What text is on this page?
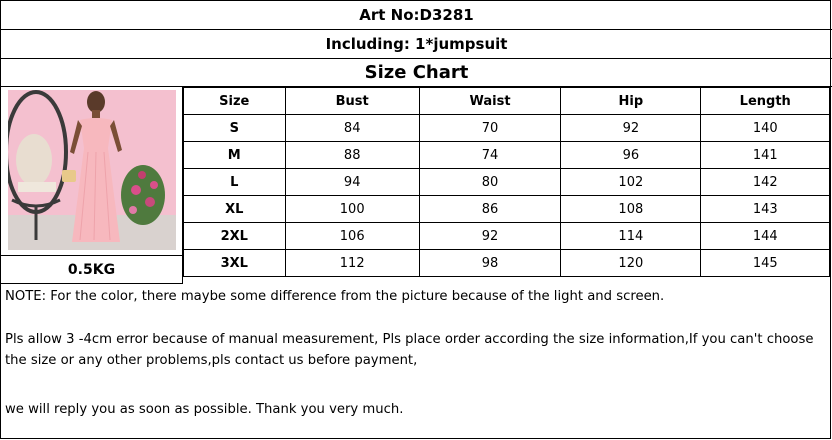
Art No:D3281
Including: 1*jumpsuit
Size Chart
0.5KG
Size	Bust	Waist	Hip	Length
S	84	70	92	140
M	88	74	96	141
L	94	80	102	142
XL	100	86	108	143
2XL	106	92	114	144
3XL	112	98	120	145

NOTE: For the color, there maybe some difference from the picture because of the light and screen.

Pls allow 3 -4cm error because of manual measurement, Pls place order according the size information,If you can't choose the size or any other problems,pls contact us before payment,

we will reply you as soon as possible. Thank you very much.
